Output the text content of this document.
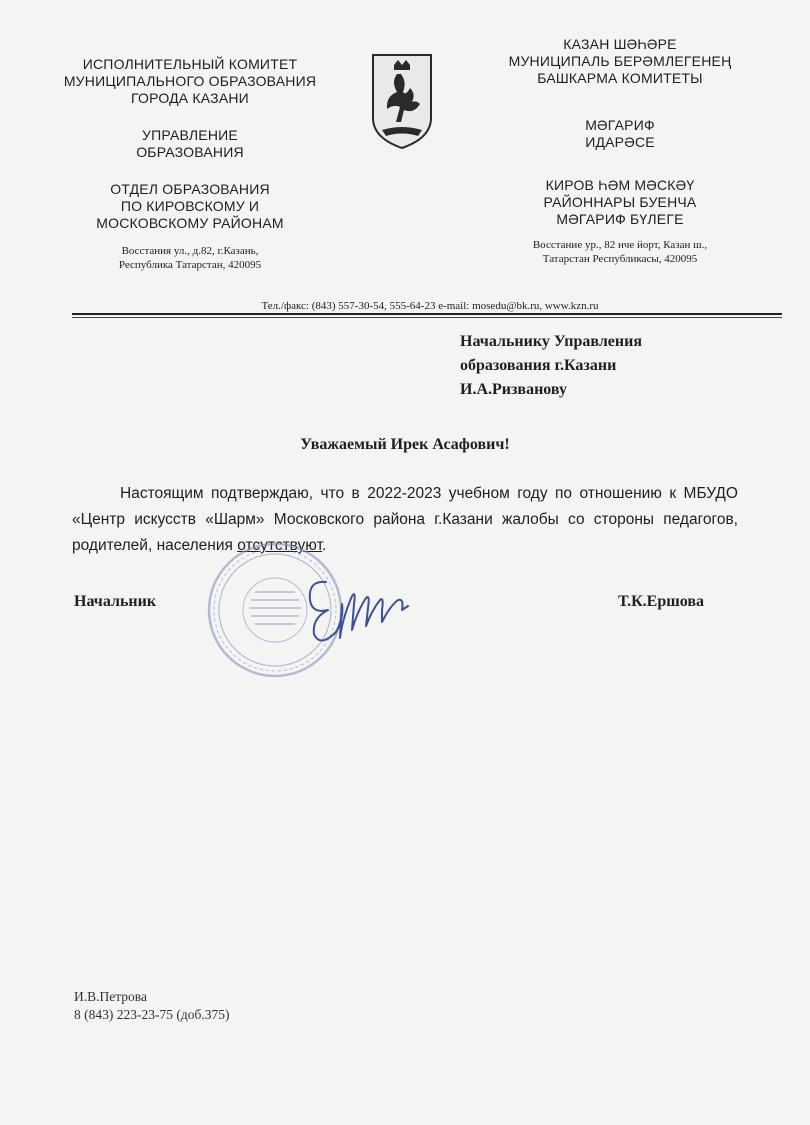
ИСПОЛНИТЕЛЬНЫЙ КОМИТЕТ
МУНИЦИПАЛЬНОГО ОБРАЗОВАНИЯ
ГОРОДА КАЗАНИ
УПРАВЛЕНИЕ
ОБРАЗОВАНИЯ
ОТДЕЛ ОБРАЗОВАНИЯ
ПО КИРОВСКОМУ И
МОСКОВСКОМУ РАЙОНАМ
Восстания ул., д.82, г.Казань,
Республика Татарстан, 420095
КАЗАН ШӘҺӘРЕ
МУНИЦИПАЛЬ БЕРӘМЛЕГЕНЕҢ
БАШКАРМА КОМИТЕТЫ
МӘГАРИФ
ИДАРӘСЕ
КИРОВ ҺӘМ МӘСКӘҮ
РАЙОННАРЫ БУЕНЧА
МӘГАРИФ БҮЛЕГЕ
Восстание ур., 82 нче йорт, Казан ш.,
Татарстан Республикасы, 420095
Тел./факс: (843) 557-30-54, 555-64-23 e-mail: mosedu@bk.ru, www.kzn.ru
Начальнику Управления
образования г.Казани
И.А.Ризванову
Уважаемый Ирек Асафович!
Настоящим подтверждаю, что в 2022-2023 учебном году по отношению к МБУДО «Центр искусств «Шарм» Московского района г.Казани жалобы со стороны педагогов, родителей, населения отсутствуют.
Начальник	Т.К.Ершова
И.В.Петрова
8 (843) 223-23-75 (доб.375)
